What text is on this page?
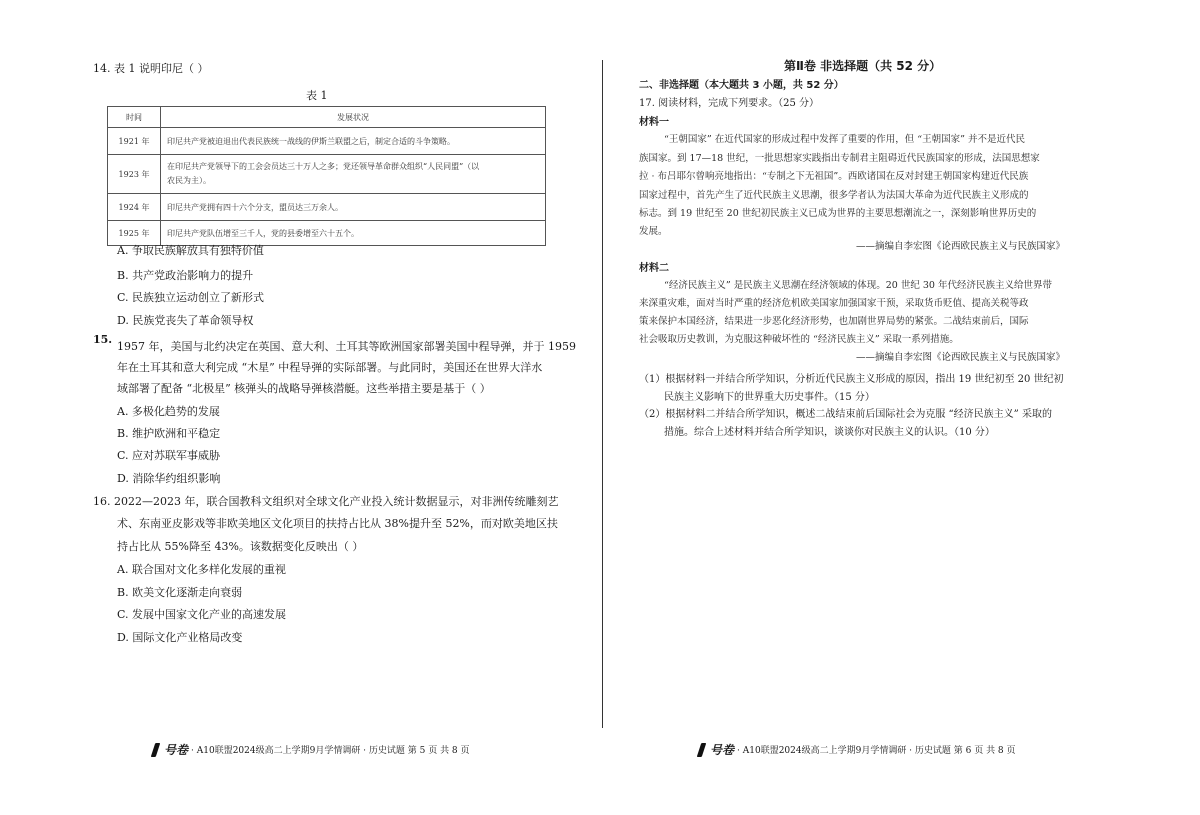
14. 表 1 说明印尼（ ）
表 1
时间	发展状况
1921 年	印尼共产党被迫退出代表民族统一战线的伊斯兰联盟之后，制定合适的斗争策略。
1923 年	在印尼共产党领导下的工会会员达三十万人之多；党还领导革命群众组织“人民同盟”（以农民为主）。
1924 年	印尼共产党拥有四十六个分支，盟员达三万余人。
1925 年	印尼共产党队伍增至三千人，党的县委增至六十五个。
A. 争取民族解放具有独特价值
B. 共产党政治影响力的提升
C. 民族独立运动创立了新形式
D. 民族党丧失了革命领导权
15.
1957 年，美国与北约决定在英国、意大利、土耳其等欧洲国家部署美国中程导弹，并于 1959
年在土耳其和意大利完成 “木星” 中程导弹的实际部署。与此同时，美国还在世界大洋水
域部署了配备 “北极星” 核弹头的战略导弹核潜艇。这些举措主要是基于（ ）
A. 多极化趋势的发展
B. 维护欧洲和平稳定
C. 应对苏联军事威胁
D. 消除华约组织影响
16. 2022—2023 年，联合国教科文组织对全球文化产业投入统计数据显示，对非洲传统雕刻艺
术、东南亚皮影戏等非欧美地区文化项目的扶持占比从 38%提升至 52%，而对欧美地区扶
持占比从 55%降至 43%。该数据变化反映出（ ）
A. 联合国对文化多样化发展的重视
B. 欧美文化逐渐走向衰弱
C. 发展中国家文化产业的高速发展
D. 国际文化产业格局改变
号卷 · A10联盟2024级高二上学期9月学情调研 · 历史试题 第 5 页 共 8 页
第Ⅱ卷 非选择题（共 52 分）
二、非选择题（本大题共 3 小题，共 52 分）
17. 阅读材料，完成下列要求。（25 分）
材料一
“王朝国家” 在近代国家的形成过程中发挥了重要的作用，但 “王朝国家” 并不是近代民
族国家。到 17—18 世纪，一批思想家实践指出专制君主阻碍近代民族国家的形成，法国思想家
拉 · 布吕耶尔曾响亮地指出：“专制之下无祖国”。西欧诸国在反对封建王朝国家构建近代民族
国家过程中，首先产生了近代民族主义思潮，很多学者认为法国大革命为近代民族主义形成的
标志。到 19 世纪至 20 世纪初民族主义已成为世界的主要思想潮流之一，深刻影响世界历史的
发展。
——摘编自李宏图《论西欧民族主义与民族国家》
材料二
“经济民族主义” 是民族主义思潮在经济领域的体现。20 世纪 30 年代经济民族主义给世界带
来深重灾难，面对当时严重的经济危机欧美国家加强国家干预，采取货币贬值、提高关税等政
策来保护本国经济，结果进一步恶化经济形势，也加剧世界局势的紧张。二战结束前后，国际
社会吸取历史教训，为克服这种破坏性的 “经济民族主义” 采取一系列措施。
——摘编自李宏图《论西欧民族主义与民族国家》
（1）根据材料一并结合所学知识，分析近代民族主义形成的原因，指出 19 世纪初至 20 世纪初
民族主义影响下的世界重大历史事件。（15 分）
（2）根据材料二并结合所学知识，概述二战结束前后国际社会为克服 “经济民族主义” 采取的
措施。综合上述材料并结合所学知识，谈谈你对民族主义的认识。（10 分）
号卷 · A10联盟2024级高二上学期9月学情调研 · 历史试题 第 6 页 共 8 页
